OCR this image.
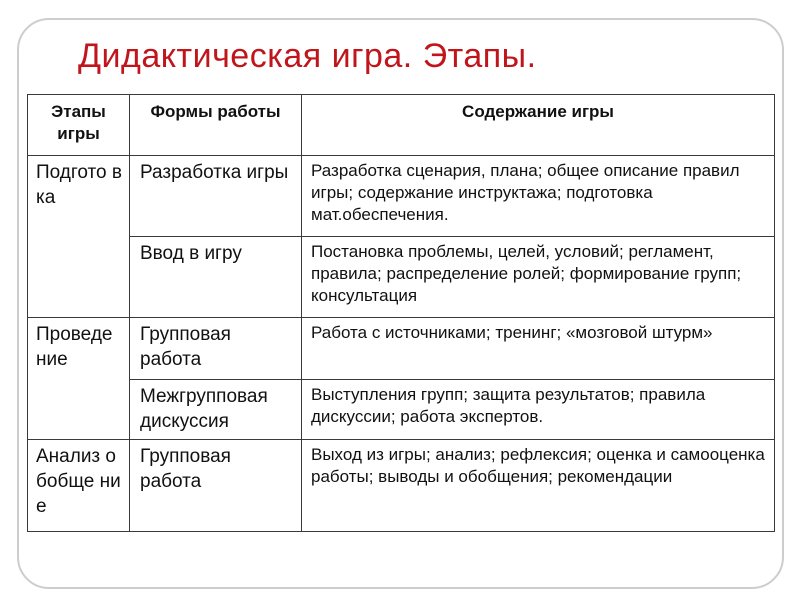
Дидактическая игра. Этапы.
Этапы игры	Формы работы	Содержание игры
Подгото вка	Разработка игры	Разработка сценария, плана; общее описание правил игры; содержание инструктажа; подготовка мат.обеспечения.
	Ввод в игру	Постановка проблемы, целей, условий; регламент, правила; распределение ролей; формирование групп; консультация
Проведе ние	Групповая работа	Работа с источниками; тренинг; «мозговой штурм»
	Межгрупповая дискуссия	Выступления групп; защита результатов; правила дискуссии; работа экспертов.
Анализ обобще ние	Групповая работа	Выход из игры; анализ; рефлексия; оценка и самооценка работы; выводы и обобщения; рекомендации
